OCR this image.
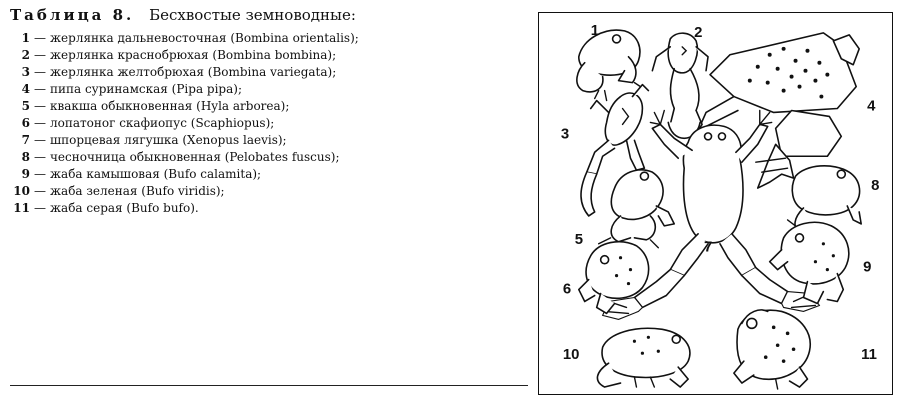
Таблица 8. Бесхвостые земноводные:
1 — жерлянка дальневосточная (Bombina orientalis);
2 — жерлянка краснобрюхая (Bombina bombina);
3 — жерлянка желтобрюхая (Bombina variegata);
4 — пипа суринамская (Pipa pipa);
5 — квакша обыкновенная (Hyla arborea);
6 — лопатоног скафиопус (Scaphiopus);
7 — шпорцевая лягушка (Xenopus laevis);
8 — чесночница обыкновенная (Pelobates fuscus);
9 — жаба камышовая (Bufo calamita);
10 — жаба зеленая (Bufo viridis);
11 — жаба серая (Bufo bufo).
1	2
3
4
5
6
7
8
9
10	11
